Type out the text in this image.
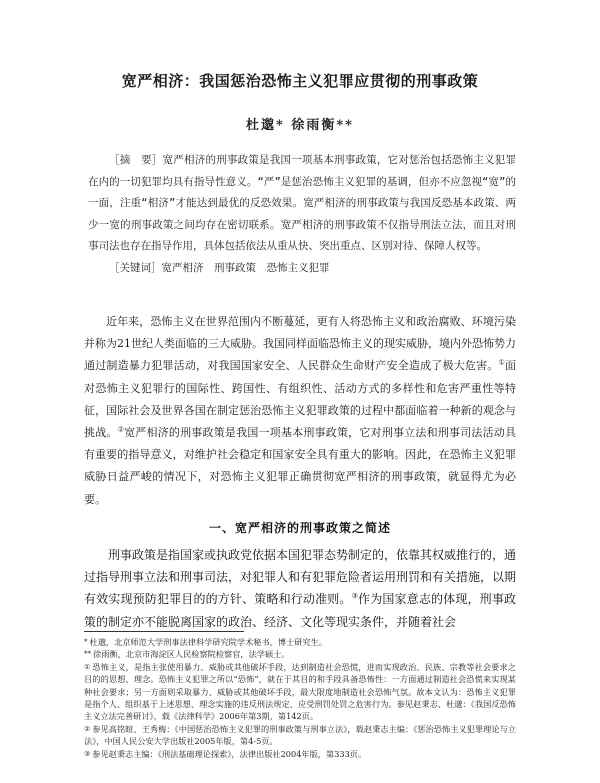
宽严相济：我国惩治恐怖主义犯罪应贯彻的刑事政策
杜邈* 徐雨衡**

［摘　要］宽严相济的刑事政策是我国一项基本刑事政策，它对惩治包括恐怖主义犯罪在内的一切犯罪均具有指导性意义。“严”是惩治恐怖主义犯罪的基调，但亦不应忽视“宽”的一面，注重“相济”才能达到最优的反恐效果。宽严相济的刑事政策与我国反恐基本政策、两少一宽的刑事政策之间均存在密切联系。宽严相济的刑事政策不仅指导刑法立法，而且对刑事司法也存在指导作用，具体包括依法从重从快、突出重点、区别对待、保障人权等。

［关键词］宽严相济　刑事政策　恐怖主义犯罪

近年来，恐怖主义在世界范围内不断蔓延，更有人将恐怖主义和政治腐败、环境污染并称为21世纪人类面临的三大威胁。我国同样面临恐怖主义的现实威胁，境内外恐怖势力通过制造暴力犯罪活动，对我国国家安全、人民群众生命财产安全造成了极大危害。①面对恐怖主义犯罪行的国际性、跨国性、有组织性、活动方式的多样性和危害严重性等特征，国际社会及世界各国在制定惩治恐怖主义犯罪政策的过程中都面临着一种新的观念与挑战。②宽严相济的刑事政策是我国一项基本刑事政策，它对刑事立法和刑事司法活动具有重要的指导意义，对维护社会稳定和国家安全具有重大的影响。因此，在恐怖主义犯罪威胁日益严峻的情况下，对恐怖主义犯罪正确贯彻宽严相济的刑事政策，就显得尤为必要。

一、宽严相济的刑事政策之简述

刑事政策是指国家或执政党依据本国犯罪态势制定的，依靠其权威推行的，通过指导刑事立法和刑事司法，对犯罪人和有犯罪危险者运用刑罚和有关措施，以期有效实现预防犯罪目的的方针、策略和行动准则。③作为国家意志的体现，刑事政策的制定亦不能脱离国家的政治、经济、文化等现实条件，并随着社会

* 杜邈，北京师范大学刑事法律科学研究院学术秘书，博士研究生。

** 徐雨衡，北京市海淀区人民检察院检察官，法学硕士。

① 恐怖主义，是指主张使用暴力、威胁或其他破坏手段，达到制造社会恐慌，进而实现政治、民族、宗教等社会要求之目的的思想、理念。恐怖主义犯罪之所以“恐怖”，就在于其目的和手段具备恐怖性：一方面通过制造社会恐慌来实现某种社会要求；另一方面则采取暴力、威胁或其他破坏手段，最大限度地制造社会恐怖气氛。故本文认为：恐怖主义犯罪是指个人、组织基于上述思想、理念实施的违反刑法规定、应受刑罚处罚之危害行为。参见赵秉志、杜邈：《我国反恐怖主义立法完善研讨》，载《法律科学》2006年第3期，第142页。

② 参见高铭暄、王秀梅：《中国惩治恐怖主义犯罪的刑事政策与刑事立法》，载赵秉志主编：《惩治恐怖主义犯罪理论与立法》，中国人民公安大学出版社2005年版，第4-5页。

③ 参见赵秉志主编：《刑法基础理论探索》，法律出版社2004年版，第333页。
